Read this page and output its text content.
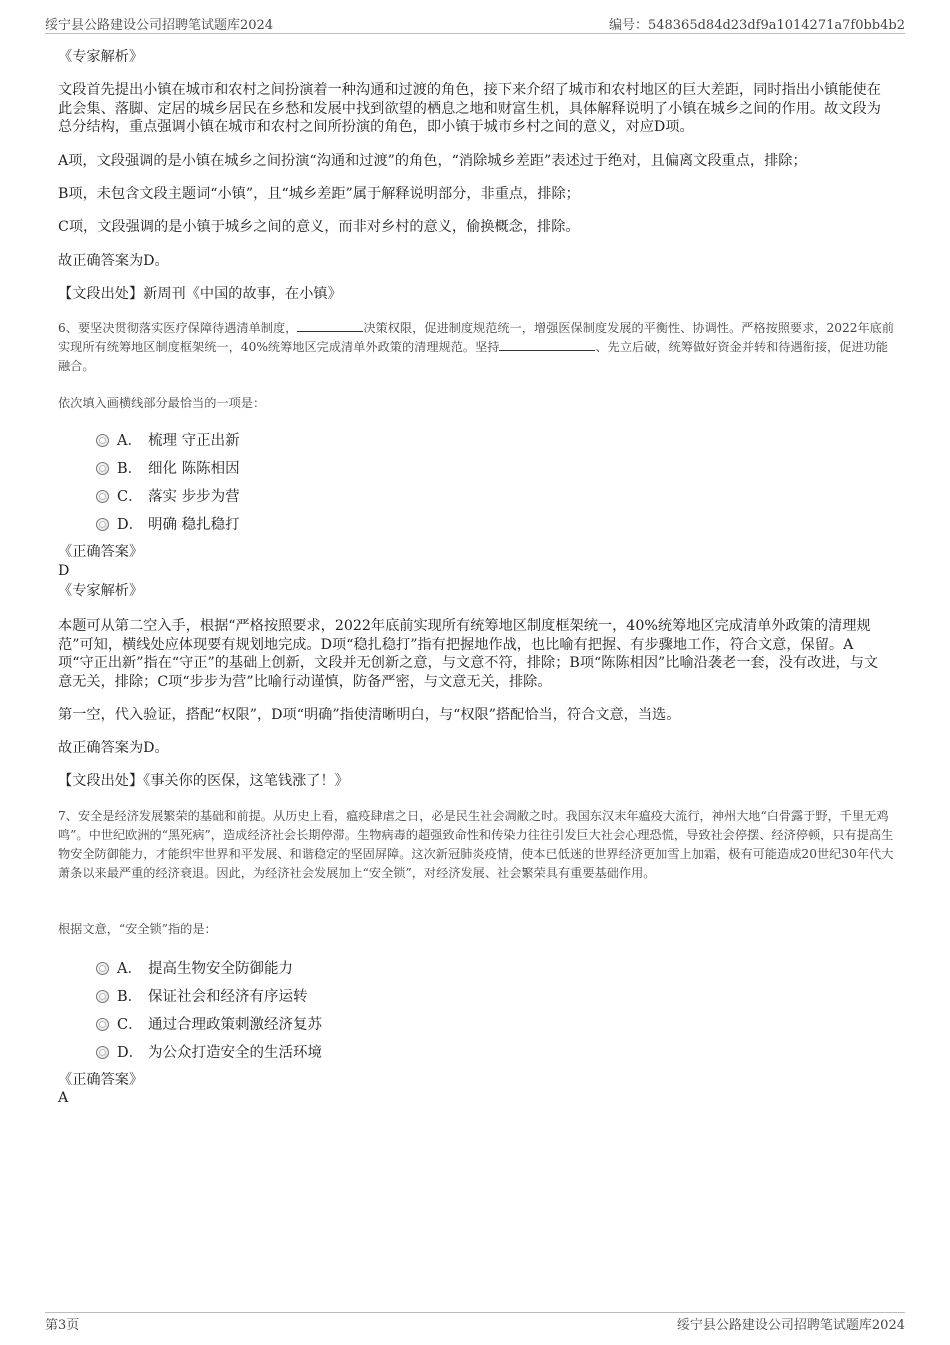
绥宁县公路建设公司招聘笔试题库2024	编号：548365d84d23df9a1014271a7f0bb4b2
《专家解析》
文段首先提出小镇在城市和农村之间扮演着一种沟通和过渡的角色，接下来介绍了城市和农村地区的巨大差距，同时指出小镇能使在此会集、落脚、定居的城乡居民在乡愁和发展中找到欲望的栖息之地和财富生机，具体解释说明了小镇在城乡之间的作用。故文段为总分结构，重点强调小镇在城市和农村之间所扮演的角色，即小镇于城市乡村之间的意义，对应D项。
A项，文段强调的是小镇在城乡之间扮演“沟通和过渡”的角色，“消除城乡差距”表述过于绝对，且偏离文段重点，排除；
B项，未包含文段主题词“小镇”，且“城乡差距”属于解释说明部分，非重点，排除；
C项，文段强调的是小镇于城乡之间的意义，而非对乡村的意义，偷换概念，排除。
故正确答案为D。
【文段出处】新周刊《中国的故事，在小镇》
6、要坚决贯彻落实医疗保障待遇清单制度，	决策权限，促进制度规范统一，增强医保制度发展的平衡性、协调性。严格按照要求，2022年底前实现所有统筹地区制度框架统一，40%统筹地区完成清单外政策的清理规范。坚持	、先立后破，统筹做好资金并转和待遇衔接，促进功能融合。
依次填入画横线部分最恰当的一项是：
A． 梳理 守正出新
B． 细化 陈陈相因
C． 落实 步步为营
D． 明确 稳扎稳打
《正确答案》
D
《专家解析》
本题可从第二空入手，根据“严格按照要求，2022年底前实现所有统筹地区制度框架统一，40%统筹地区完成清单外政策的清理规范”可知，横线处应体现要有规划地完成。D项“稳扎稳打”指有把握地作战，也比喻有把握、有步骤地工作，符合文意，保留。A项“守正出新”指在“守正”的基础上创新，文段并无创新之意，与文意不符，排除；B项“陈陈相因”比喻沿袭老一套，没有改进，与文意无关，排除；C项“步步为营”比喻行动谨慎，防备严密，与文意无关，排除。
第一空，代入验证，搭配“权限”，D项“明确”指使清晰明白，与“权限”搭配恰当，符合文意，当选。
故正确答案为D。
【文段出处】《事关你的医保，这笔钱涨了！》
7、安全是经济发展繁荣的基础和前提。从历史上看，瘟疫肆虐之日，必是民生社会凋敝之时。我国东汉末年瘟疫大流行，神州大地“白骨露于野，千里无鸡鸣”。中世纪欧洲的“黑死病”，造成经济社会长期停滞。生物病毒的超强致命性和传染力往往引发巨大社会心理恐慌，导致社会停摆、经济停顿，只有提高生物安全防御能力，才能织牢世界和平发展、和谐稳定的坚固屏障。这次新冠肺炎疫情，使本已低迷的世界经济更加雪上加霜，极有可能造成20世纪30年代大萧条以来最严重的经济衰退。因此，为经济社会发展加上“安全锁”，对经济发展、社会繁荣具有重要基础作用。
根据文意，“安全锁”指的是：
A． 提高生物安全防御能力
B． 保证社会和经济有序运转
C． 通过合理政策刺激经济复苏
D． 为公众打造安全的生活环境
《正确答案》
A
第3页	绥宁县公路建设公司招聘笔试题库2024
